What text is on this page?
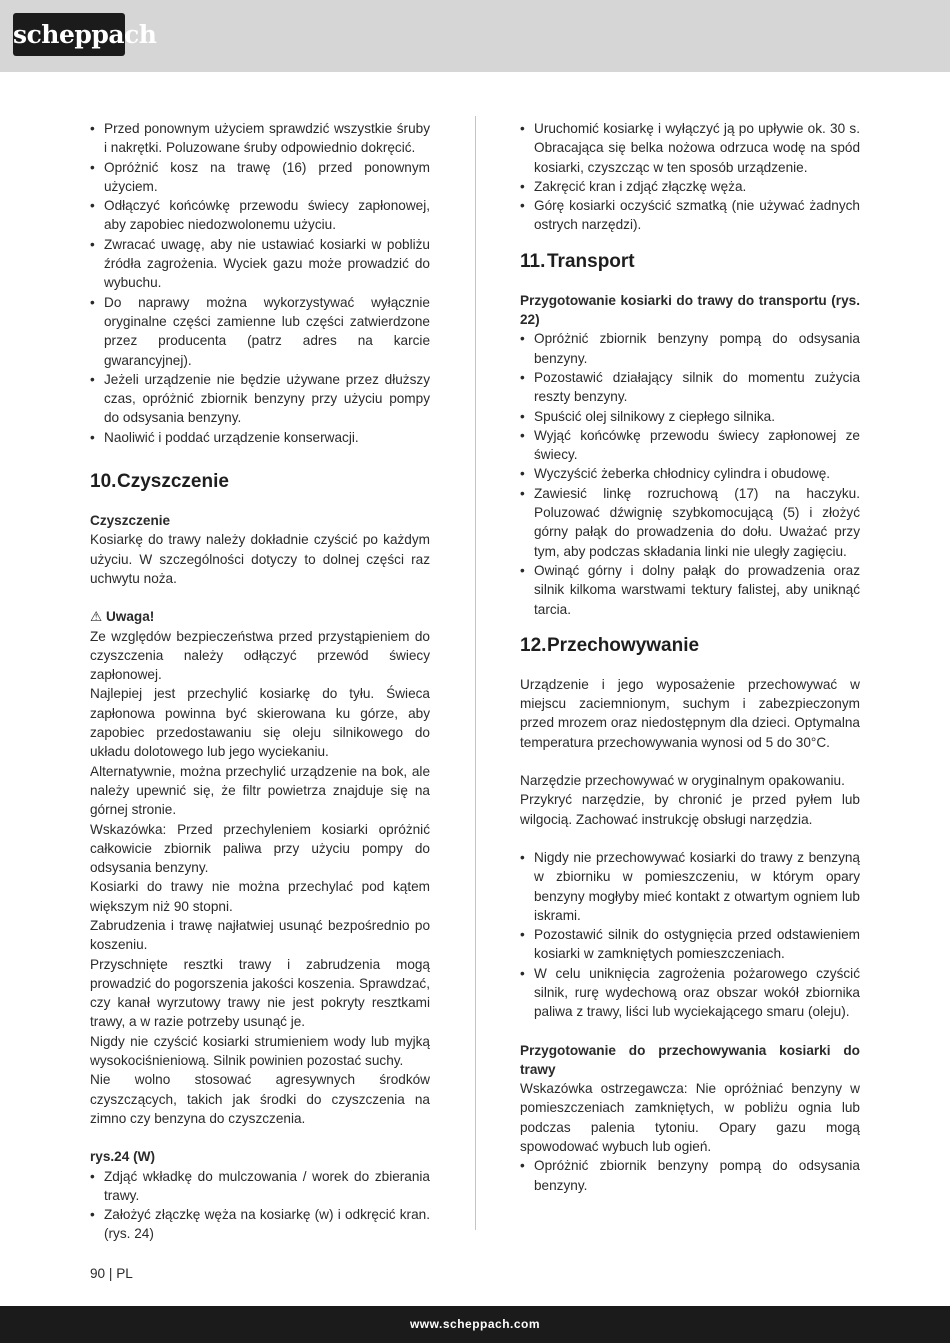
scheppach
• Przed ponownym użyciem sprawdzić wszystkie śruby i nakrętki. Poluzowane śruby odpowiednio dokręcić.
• Opróżnić kosz na trawę (16) przed ponownym użyciem.
• Odłączyć końcówkę przewodu świecy zapłonowej, aby zapobiec niedozwolonemu użyciu.
• Zwracać uwagę, aby nie ustawiać kosiarki w pobliżu źródła zagrożenia. Wyciek gazu może prowadzić do wybuchu.
• Do naprawy można wykorzystywać wyłącznie oryginalne części zamienne lub części zatwierdzone przez producenta (patrz adres na karcie gwarancyjnej).
• Jeżeli urządzenie nie będzie używane przez dłuższy czas, opróżnić zbiornik benzyny przy użyciu pompy do odsysania benzyny.
• Naoliwić i poddać urządzenie konserwacji.
10. Czyszczenie

Czyszczenie

Kosiarkę do trawy należy dokładnie czyścić po każdym użyciu. W szczególności dotyczy to dolnej części raz uchwytu noża.

⚠ Uwaga!

Ze względów bezpieczeństwa przed przystąpieniem do czyszczenia należy odłączyć przewód świecy zapłonowej.

Najlepiej jest przechylić kosiarkę do tyłu. Świeca zapłonowa powinna być skierowana ku górze, aby zapobiec przedostawaniu się oleju silnikowego do układu dolotowego lub jego wyciekaniu.

Alternatywnie, można przechylić urządzenie na bok, ale należy upewnić się, że filtr powietrza znajduje się na górnej stronie.

Wskazówka: Przed przechyleniem kosiarki opróżnić całkowicie zbiornik paliwa przy użyciu pompy do odsysania benzyny.

Kosiarki do trawy nie można przechylać pod kątem większym niż 90 stopni.

Zabrudzenia i trawę najłatwiej usunąć bezpośrednio po koszeniu.

Przyschnięte resztki trawy i zabrudzenia mogą prowadzić do pogorszenia jakości koszenia. Sprawdzać, czy kanał wyrzutowy trawy nie jest pokryty resztkami trawy, a w razie potrzeby usunąć je.

Nigdy nie czyścić kosiarki strumieniem wody lub myjką wysokociśnieniową. Silnik powinien pozostać suchy.

Nie wolno stosować agresywnych środków czyszczących, takich jak środki do czyszczenia na zimno czy benzyna do czyszczenia.

rys.24 (W)

• Zdjąć wkładkę do mulczowania / worek do zbierania trawy.
• Założyć złączkę węża na kosiarkę (w) i odkręcić kran. (rys. 24)
• Uruchomić kosiarkę i wyłączyć ją po upływie ok. 30 s. Obracająca się belka nożowa odrzuca wodę na spód kosiarki, czyszcząc w ten sposób urządzenie.
• Zakręcić kran i zdjąć złączkę węża.
• Górę kosiarki oczyścić szmatką (nie używać żadnych ostrych narzędzi).
11. Transport

Przygotowanie kosiarki do trawy do transportu (rys. 22)

• Opróżnić zbiornik benzyny pompą do odsysania benzyny.
• Pozostawić działający silnik do momentu zużycia reszty benzyny.
• Spuścić olej silnikowy z ciepłego silnika.
• Wyjąć końcówkę przewodu świecy zapłonowej ze świecy.
• Wyczyścić żeberka chłodnicy cylindra i obudowę.
• Zawiesić linkę rozruchową (17) na haczyku. Poluzować dźwignię szybkomocującą (5) i złożyć górny pałąk do prowadzenia do dołu. Uważać przy tym, aby podczas składania linki nie uległy zagięciu.
• Owinąć górny i dolny pałąk do prowadzenia oraz silnik kilkoma warstwami tektury falistej, aby uniknąć tarcia.
12. Przechowywanie

Urządzenie i jego wyposażenie przechowywać w miejscu zaciemnionym, suchym i zabezpieczonym przed mrozem oraz niedostępnym dla dzieci. Optymalna temperatura przechowywania wynosi od 5 do 30°C.

Narzędzie przechowywać w oryginalnym opakowaniu.

Przykryć narzędzie, by chronić je przed pyłem lub wilgocią. Zachować instrukcję obsługi narzędzia.

• Nigdy nie przechowywać kosiarki do trawy z benzyną w zbiorniku w pomieszczeniu, w którym opary benzyny mogłyby mieć kontakt z otwartym ogniem lub iskrami.
• Pozostawić silnik do ostygnięcia przed odstawieniem kosiarki w zamkniętych pomieszczeniach.
• W celu uniknięcia zagrożenia pożarowego czyścić silnik, rurę wydechową oraz obszar wokół zbiornika paliwa z trawy, liści lub wyciekającego smaru (oleju).

Przygotowanie do przechowywania kosiarki do trawy

Wskazówka ostrzegawcza: Nie opróżniać benzyny w pomieszczeniach zamkniętych, w pobliżu ognia lub podczas palenia tytoniu. Opary gazu mogą spowodować wybuch lub ogień.

• Opróżnić zbiornik benzyny pompą do odsysania benzyny.
90 | PL
www.scheppach.com
